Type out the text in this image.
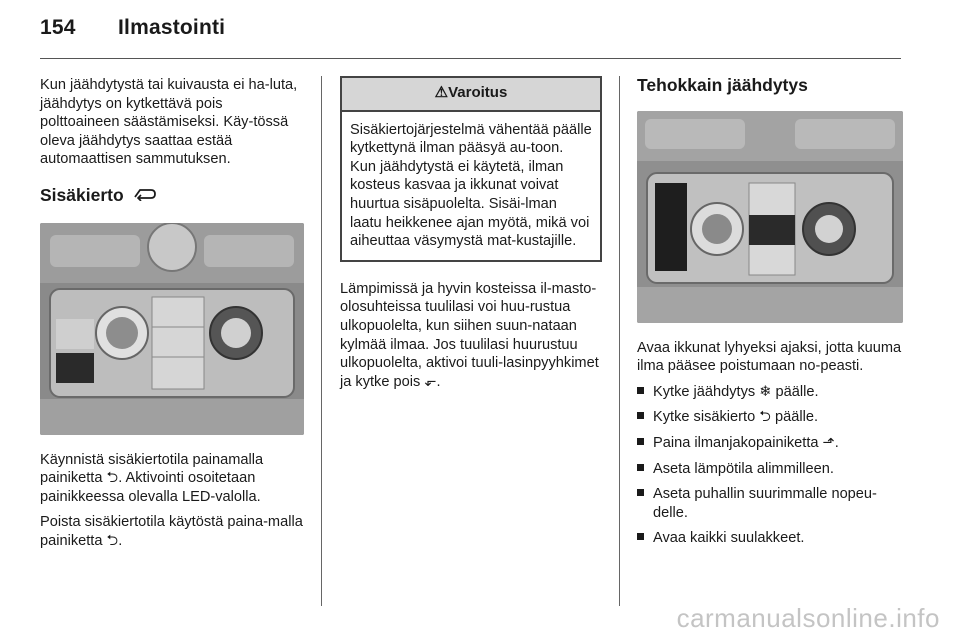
154 Ilmastointi
Kun jäähdytystä tai kuivausta ei ha-luta, jäähdytys on kytkettävä pois polttoaineen säästämiseksi. Käy-tössä oleva jäähdytys saattaa estää automaattisen sammutuksen.
Sisäkierto
Käynnistä sisäkiertotila painamalla painiketta ⮌. Aktivointi osoitetaan painikkeessa olevalla LED-valolla.
Poista sisäkiertotila käytöstä paina-malla painiketta ⮌.
⚠Varoitus
Sisäkiertojärjestelmä vähentää päälle kytkettynä ilman pääsyä au-toon. Kun jäähdytystä ei käytetä, ilman kosteus kasvaa ja ikkunat voivat huurtua sisäpuolelta. Sisäi-lman laatu heikkenee ajan myötä, mikä voi aiheuttaa väsymystä mat-kustajille.
Lämpimissä ja hyvin kosteissa il-masto-olosuhteissa tuulilasi voi huu-rustua ulkopuolelta, kun siihen suun-nataan kylmää ilmaa. Jos tuulilasi huurustuu ulkopuolelta, aktivoi tuuli-lasinpyyhkimet ja kytke pois ⬐.
Tehokkain jäähdytys
Avaa ikkunat lyhyeksi ajaksi, jotta kuuma ilma pääsee poistumaan no-peasti.
Kytke jäähdytys ❄ päälle.
Kytke sisäkierto ⮌ päälle.
Paina ilmanjakopainiketta ⬏.
Aseta lämpötila alimmilleen.
Aseta puhallin suurimmalle nopeu-delle.
Avaa kaikki suulakkeet.
carmanualsonline.info
